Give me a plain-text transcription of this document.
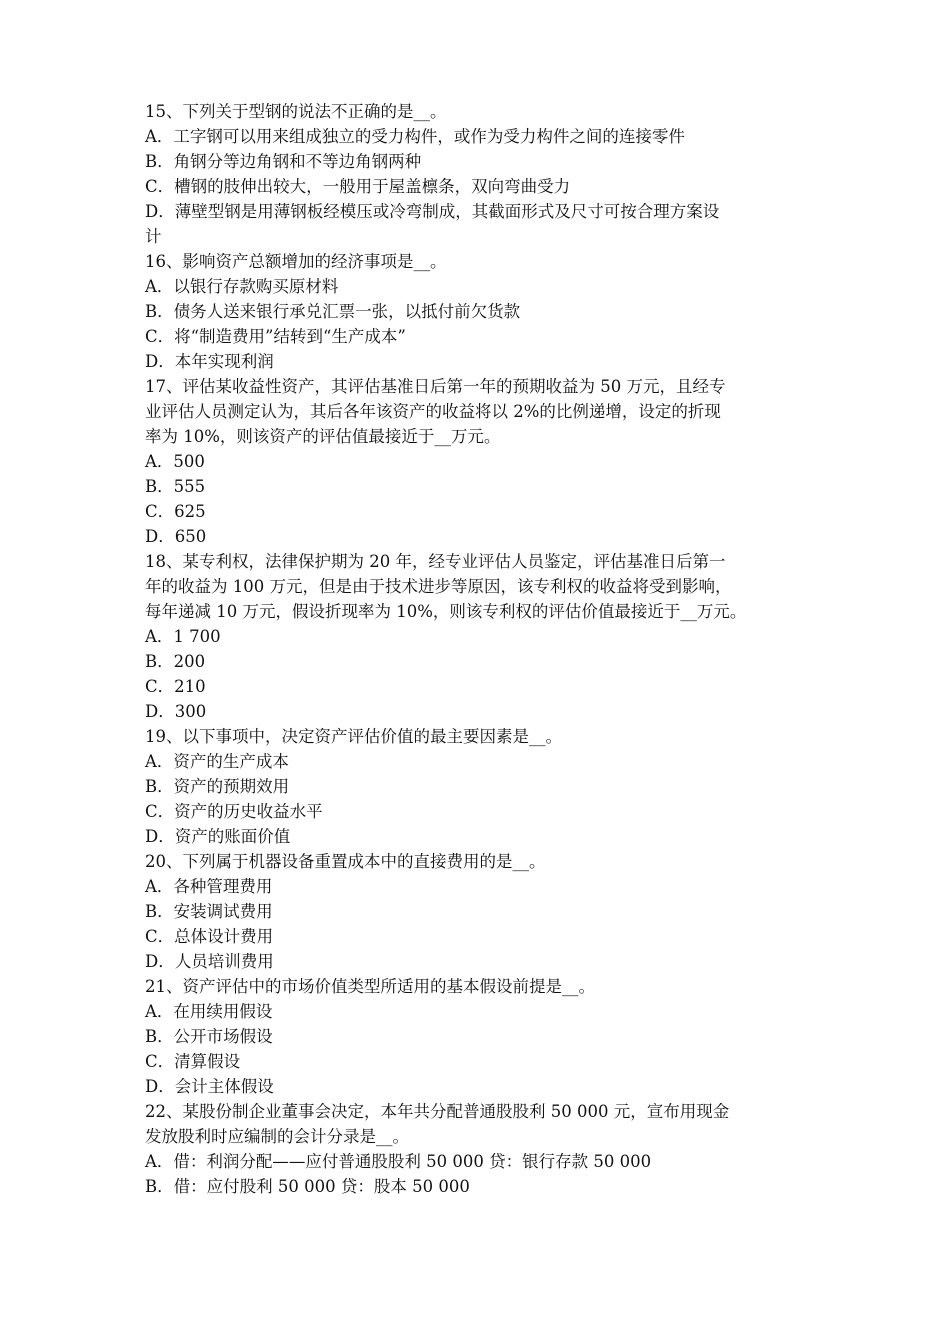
15、下列关于型钢的说法不正确的是__。

A．工字钢可以用来组成独立的受力构件，或作为受力构件之间的连接零件

B．角钢分等边角钢和不等边角钢两种

C．槽钢的肢伸出较大，一般用于屋盖檩条，双向弯曲受力

D．薄壁型钢是用薄钢板经模压或冷弯制成，其截面形式及尺寸可按合理方案设

计

16、影响资产总额增加的经济事项是__。

A．以银行存款购买原材料

B．债务人送来银行承兑汇票一张，以抵付前欠货款

C．将“制造费用”结转到“生产成本”

D．本年实现利润

17、评估某收益性资产，其评估基准日后第一年的预期收益为 50 万元，且经专

业评估人员测定认为，其后各年该资产的收益将以 2%的比例递增，设定的折现

率为 10%，则该资产的评估值最接近于__万元。

A．500

B．555

C．625

D．650

18、某专利权，法律保护期为 20 年，经专业评估人员鉴定，评估基准日后第一

年的收益为 100 万元，但是由于技术进步等原因，该专利权的收益将受到影响，

每年递减 10 万元，假设折现率为 10%，则该专利权的评估价值最接近于__万元。

A．1 700

B．200

C．210

D．300

19、以下事项中，决定资产评估价值的最主要因素是__。

A．资产的生产成本

B．资产的预期效用

C．资产的历史收益水平

D．资产的账面价值

20、下列属于机器设备重置成本中的直接费用的是__。

A．各种管理费用

B．安装调试费用

C．总体设计费用

D．人员培训费用

21、资产评估中的市场价值类型所适用的基本假设前提是__。

A．在用续用假设

B．公开市场假设

C．清算假设

D．会计主体假设

22、某股份制企业董事会决定，本年共分配普通股股利 50 000 元，宣布用现金

发放股利时应编制的会计分录是__。

A．借：利润分配——应付普通股股利 50 000 贷：银行存款 50 000

B．借：应付股利 50 000 贷：股本 50 000
